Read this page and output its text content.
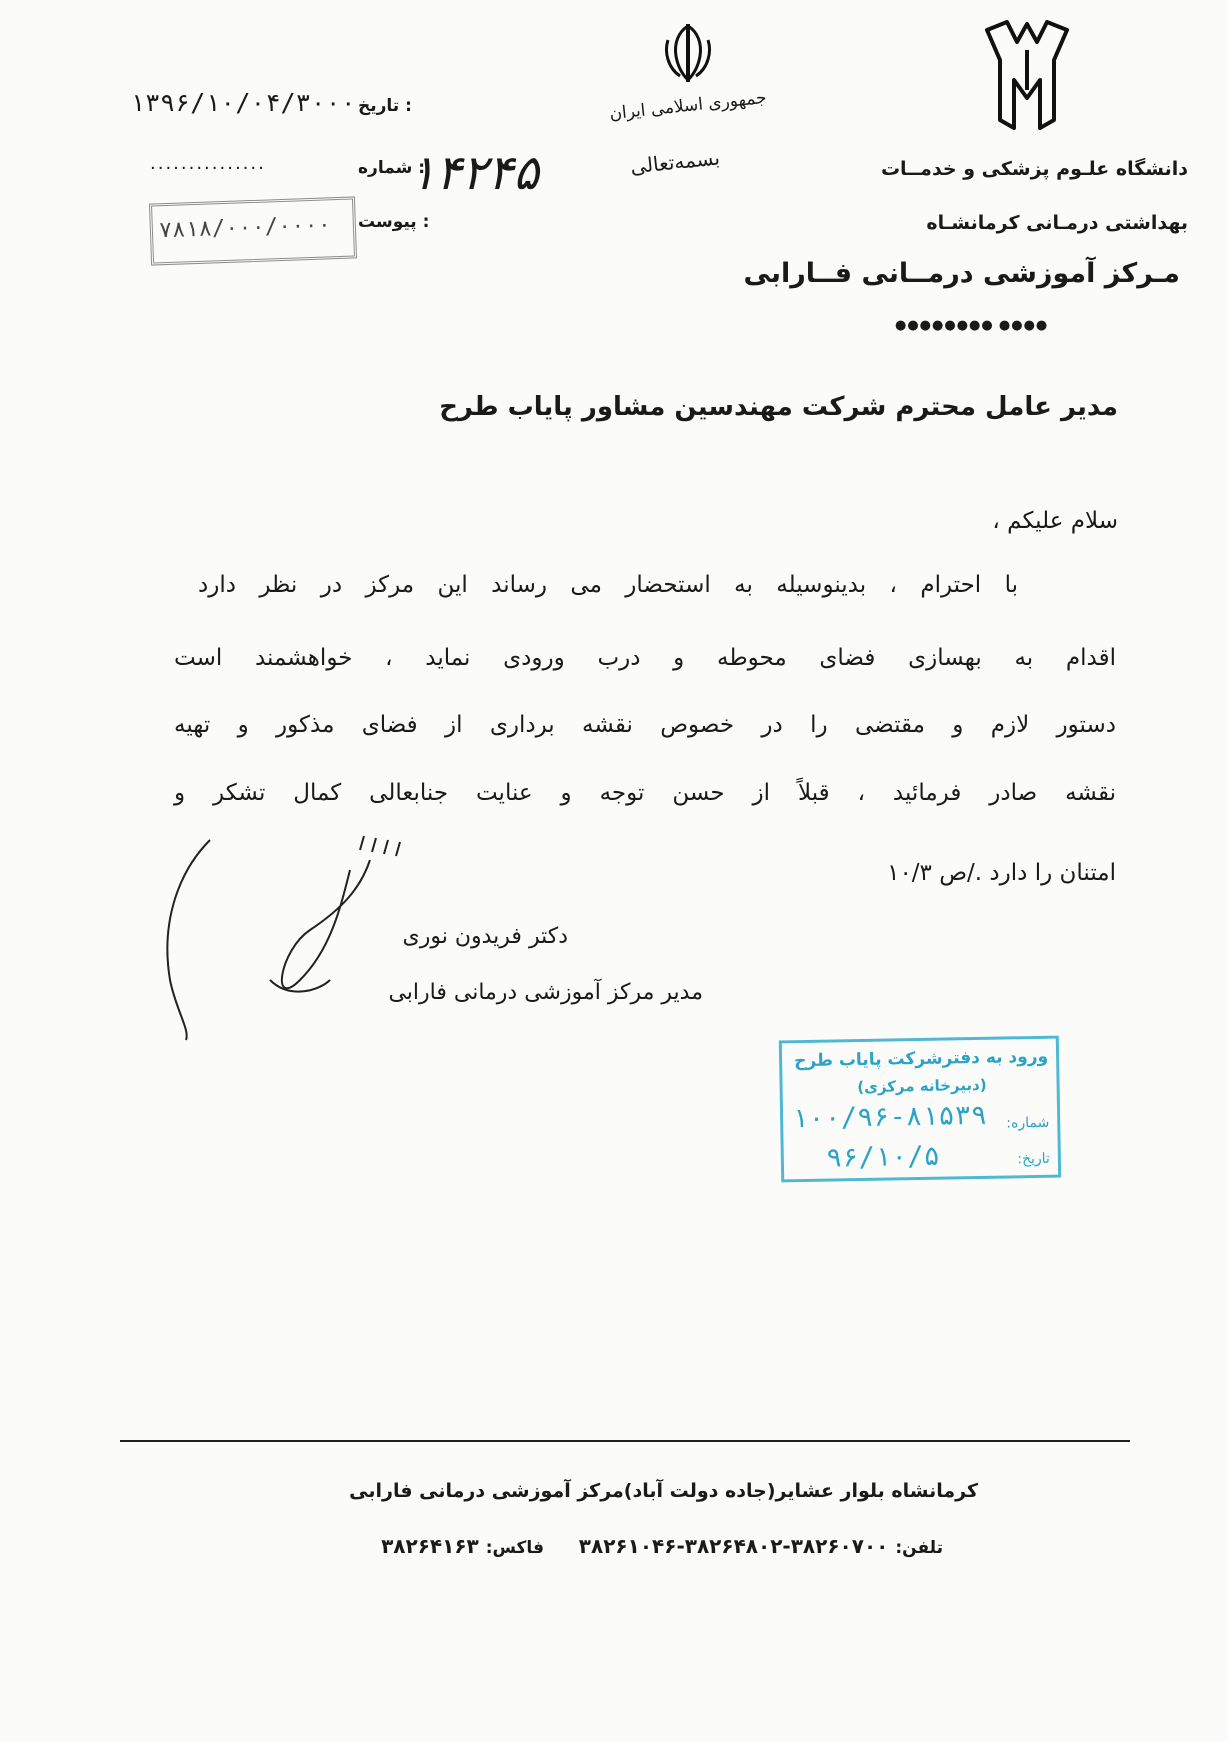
جمهوری اسلامی ایران
بسمه‌تعالی	دانشگاه علـوم پزشکی و خدمــات
بهداشتی درمـانی کرمانشـاه
مـرکز آموزشی درمــانی فــارابی
●●●●●●●● ●●●●
: تاریخ
۱۳۹۶/۱۰/۰۴/۳۰۰۰
: شماره
...............	۱۴۲۴۵
: پیوست
۷۸۱۸/۰۰۰/۰۰۰۰
مدیر عامل محترم شرکت مهندسین مشاور پایاب طرح
سلام علیکم ،
با احترام ، بدینوسیله به استحضار می رساند این مرکز در نظر دارد
اقدام به بهسازی فضای محوطه و درب ورودی نماید ، خواهشمند است
دستور لازم و مقتضی را در خصوص نقشه برداری از فضای مذکور و تهیه
نقشه صادر فرمائید ، قبلاً از حسن توجه و عنایت جنابعالی کمال تشکر و
امتنان را دارد ./ص ۱۰/۳
دکتر فریدون نوری
مدیر مرکز آموزشی درمانی فارابی
ورود به دفترشرکت پایاب طرح
(دبیرخانه مرکزی)
شماره:
۱۰۰/۹۶-۸۱۵۳۹
تاریخ:
۹۶/۱۰/۵
کرمانشاه بلوار عشایر(جاده دولت آباد)مرکز آموزشی درمانی فارابی
تلفن: ۳۸۲۶۰۷۰۰-۳۸۲۶۴۸۰۲-۳۸۲۶۱۰۴۶     فاکس: ۳۸۲۶۴۱۶۳
